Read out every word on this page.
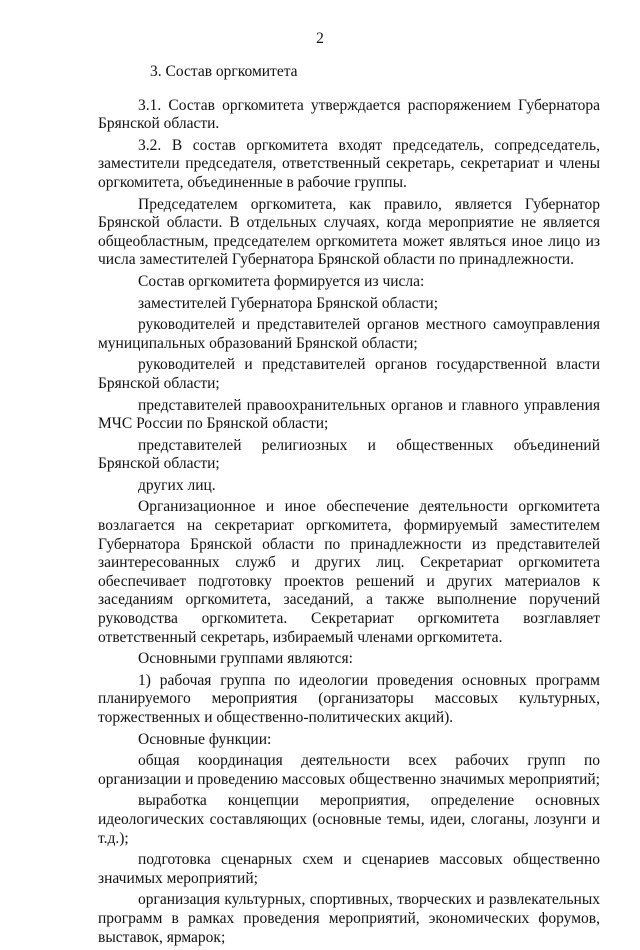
2

3. Состав оргкомитета

3.1. Состав оргкомитета утверждается распоряжением Губернатора Брянской области.

3.2. В состав оргкомитета входят председатель, сопредседатель, заместители председателя, ответственный секретарь, секретариат и члены оргкомитета, объединенные в рабочие группы.

Председателем оргкомитета, как правило, является Губернатор Брянской области. В отдельных случаях, когда мероприятие не является общеобластным, председателем оргкомитета может являться иное лицо из числа заместителей Губернатора Брянской области по принадлежности.

Состав оргкомитета формируется из числа:

заместителей Губернатора Брянской области;

руководителей и представителей органов местного самоуправления муниципальных образований Брянской области;

руководителей и представителей органов государственной власти Брянской области;

представителей правоохранительных органов и главного управления МЧС России по Брянской области;

представителей религиозных и общественных объединений Брянской области;

других лиц.

Организационное и иное обеспечение деятельности оргкомитета возлагается на секретариат оргкомитета, формируемый заместителем Губернатора Брянской области по принадлежности из представителей заинтересованных служб и других лиц. Секретариат оргкомитета обеспечивает подготовку проектов решений и других материалов к заседаниям оргкомитета, заседаний, а также выполнение поручений руководства оргкомитета. Секретариат оргкомитета возглавляет ответственный секретарь, избираемый членами оргкомитета.

Основными группами являются:

1) рабочая группа по идеологии проведения основных программ планируемого мероприятия (организаторы массовых культурных, торжественных и общественно-политических акций).

Основные функции:

общая координация деятельности всех рабочих групп по организации и проведению массовых общественно значимых мероприятий;

выработка концепции мероприятия, определение основных идеологических составляющих (основные темы, идеи, слоганы, лозунги и т.д.);

подготовка сценарных схем и сценариев массовых общественно значимых мероприятий;

организация культурных, спортивных, творческих и развлекательных программ в рамках проведения мероприятий, экономических форумов, выставок, ярмарок;
